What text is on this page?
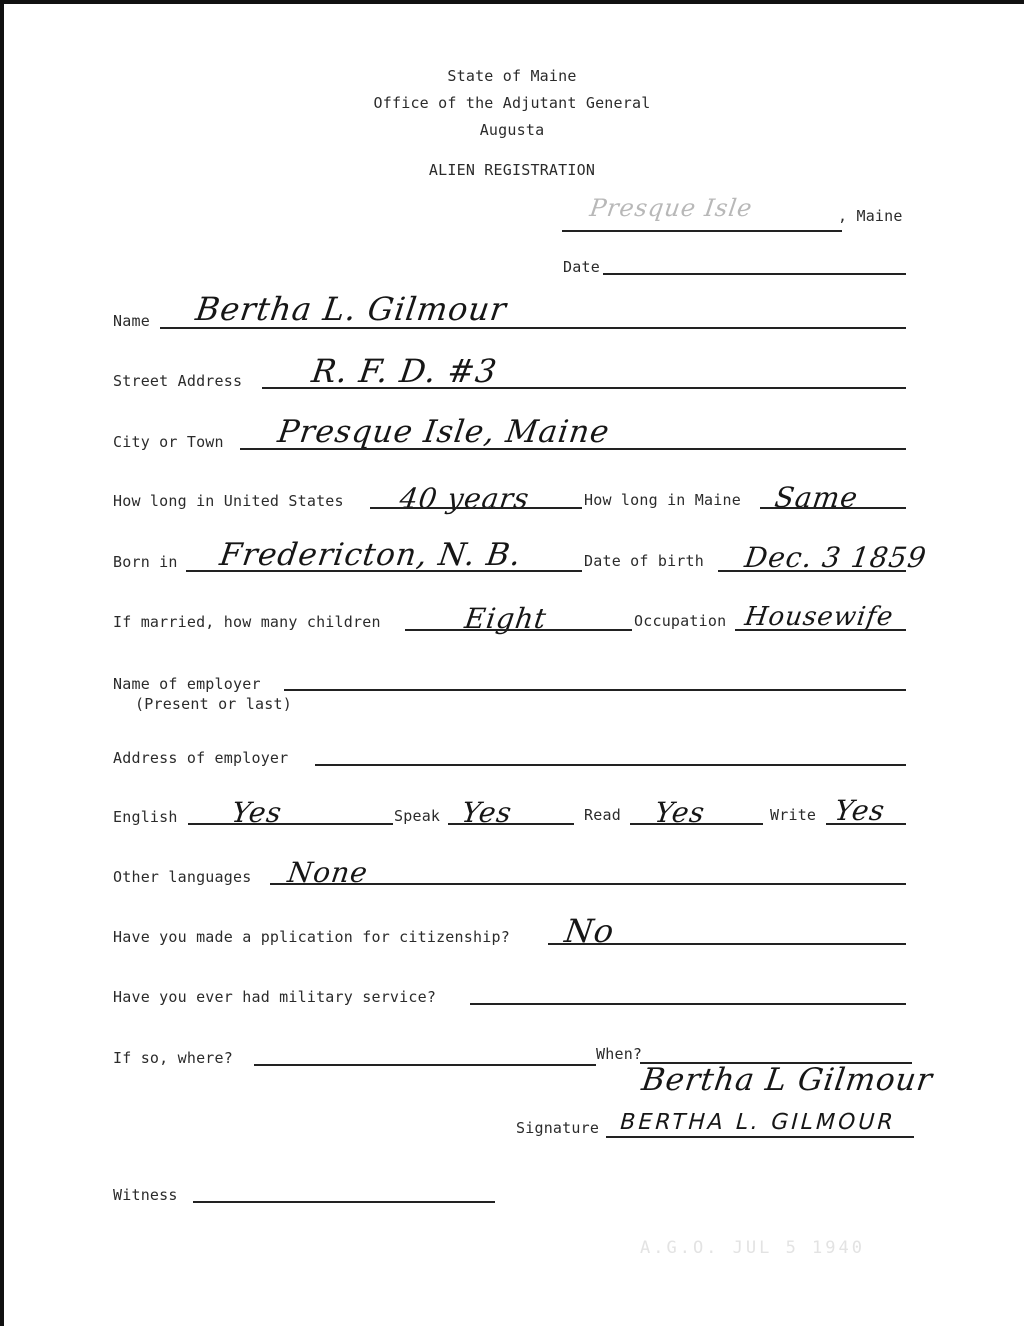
State of Maine
Office of the Adjutant General
Augusta
ALIEN REGISTRATION
Presque Isle	, Maine
Date
Name Bertha L. Gilmour
Street Address R. F. D. #3
City or Town Presque Isle, Maine
How long in United States 40 years	How long in Maine Same
Born in Fredericton, N. B.	Date of birth Dec. 3 1859
If married, how many children	Eight	Occupation Housewife
Name of employer
(Present or last)
Address of employer
English Yes	Speak Yes	Read Yes	Write Yes
Other languages None
Have you made a pplication for citizenship? No
Have you ever had military service?
If so, where?	When?
Bertha L Gilmour
Signature BERTHA L. GILMOUR
Witness
A.G.O. JUL 5 1940
